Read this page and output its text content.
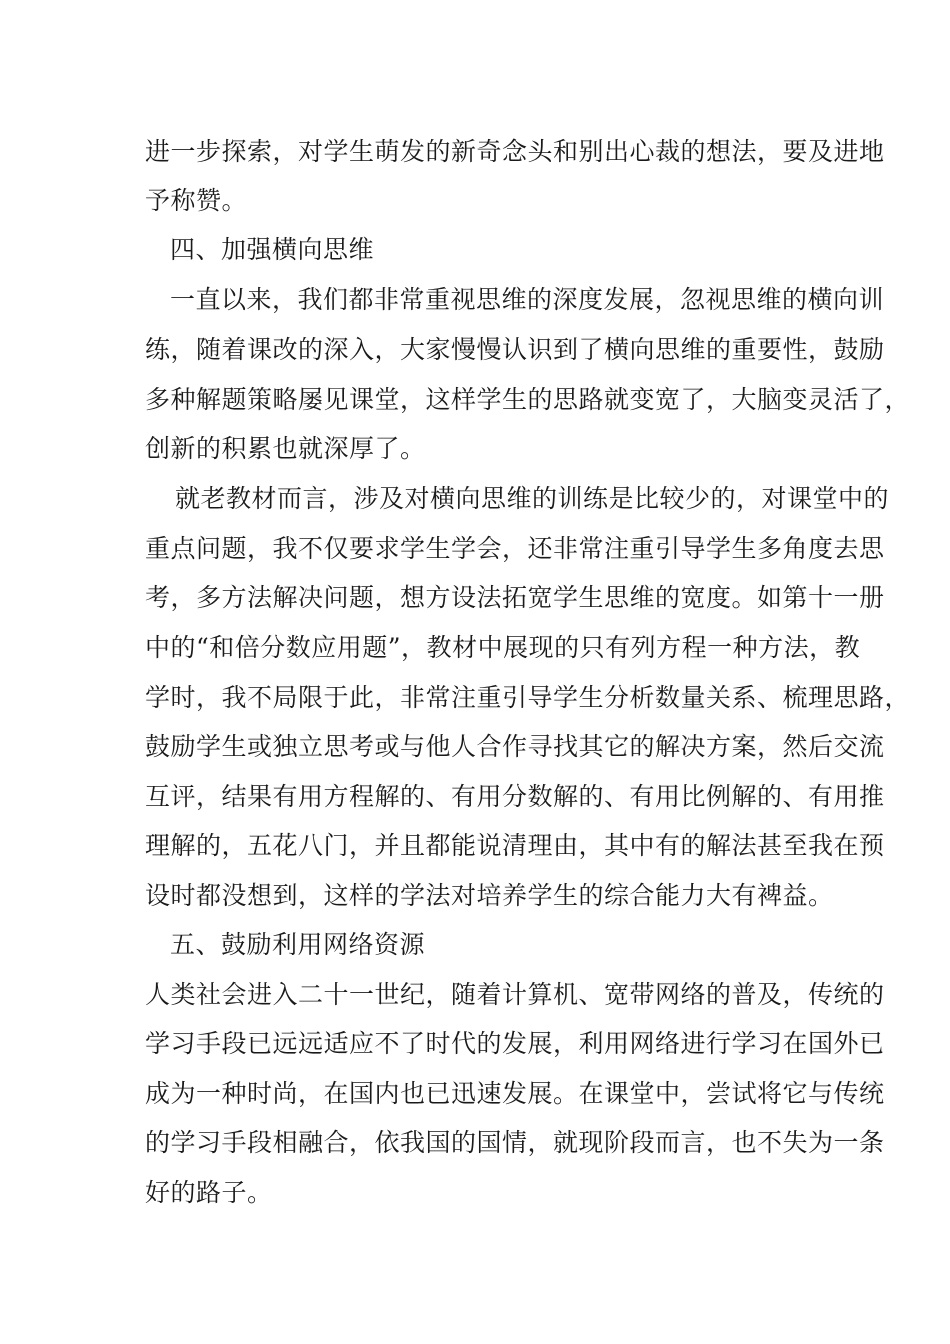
进一步探索，对学生萌发的新奇念头和别出心裁的想法，要及进地
予称赞。
四、加强横向思维
一直以来，我们都非常重视思维的深度发展，忽视思维的横向训
练，随着课改的深入，大家慢慢认识到了横向思维的重要性，鼓励
多种解题策略屡见课堂，这样学生的思路就变宽了，大脑变灵活了，
创新的积累也就深厚了。
就老教材而言，涉及对横向思维的训练是比较少的，对课堂中的
重点问题，我不仅要求学生学会，还非常注重引导学生多角度去思
考，多方法解决问题，想方设法拓宽学生思维的宽度。如第十一册
中的“和倍分数应用题”，教材中展现的只有列方程一种方法，教
学时，我不局限于此，非常注重引导学生分析数量关系、梳理思路，
鼓励学生或独立思考或与他人合作寻找其它的解决方案，然后交流
互评，结果有用方程解的、有用分数解的、有用比例解的、有用推
理解的，五花八门，并且都能说清理由，其中有的解法甚至我在预
设时都没想到，这样的学法对培养学生的综合能力大有裨益。
五、鼓励利用网络资源
人类社会进入二十一世纪，随着计算机、宽带网络的普及，传统的
学习手段已远远适应不了时代的发展，利用网络进行学习在国外已
成为一种时尚，在国内也已迅速发展。在课堂中，尝试将它与传统
的学习手段相融合，依我国的国情，就现阶段而言，也不失为一条
好的路子。
